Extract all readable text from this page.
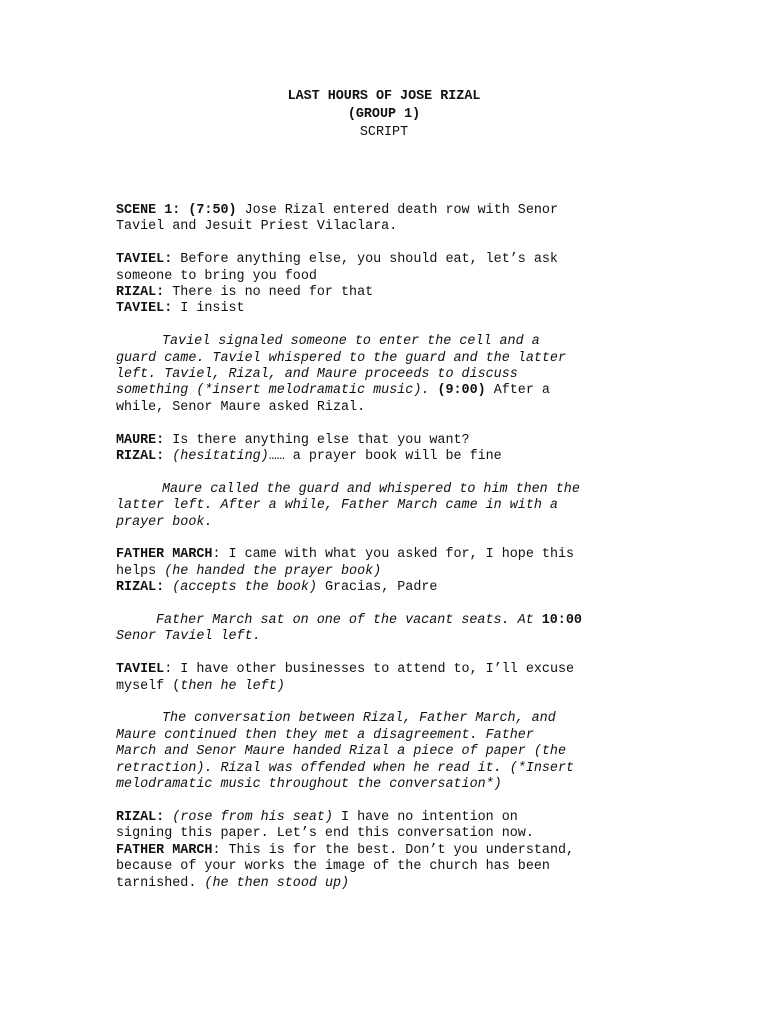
LAST HOURS OF JOSE RIZAL
(GROUP 1)
SCRIPT
SCENE 1: (7:50) Jose Rizal entered death row with Senor
Taviel and Jesuit Priest Vilaclara.
TAVIEL: Before anything else, you should eat, let’s ask
someone to bring you food
RIZAL: There is no need for that
TAVIEL: I insist
Taviel signaled someone to enter the cell and a
guard came. Taviel whispered to the guard and the latter
left. Taviel, Rizal, and Maure proceeds to discuss
something (*insert melodramatic music). (9:00) After a
while, Senor Maure asked Rizal.
MAURE: Is there anything else that you want?
RIZAL: (hesitating)…… a prayer book will be fine
Maure called the guard and whispered to him then the
latter left. After a while, Father March came in with a
prayer book.
FATHER MARCH: I came with what you asked for, I hope this
helps (he handed the prayer book)
RIZAL: (accepts the book) Gracias, Padre
Father March sat on one of the vacant seats. At 10:00
Senor Taviel left.
TAVIEL: I have other businesses to attend to, I’ll excuse
myself (then he left)
The conversation between Rizal, Father March, and
Maure continued then they met a disagreement. Father
March and Senor Maure handed Rizal a piece of paper (the
retraction). Rizal was offended when he read it. (*Insert
melodramatic music throughout the conversation*)
RIZAL: (rose from his seat) I have no intention on
signing this paper. Let’s end this conversation now.
FATHER MARCH: This is for the best. Don’t you understand,
because of your works the image of the church has been
tarnished. (he then stood up)
